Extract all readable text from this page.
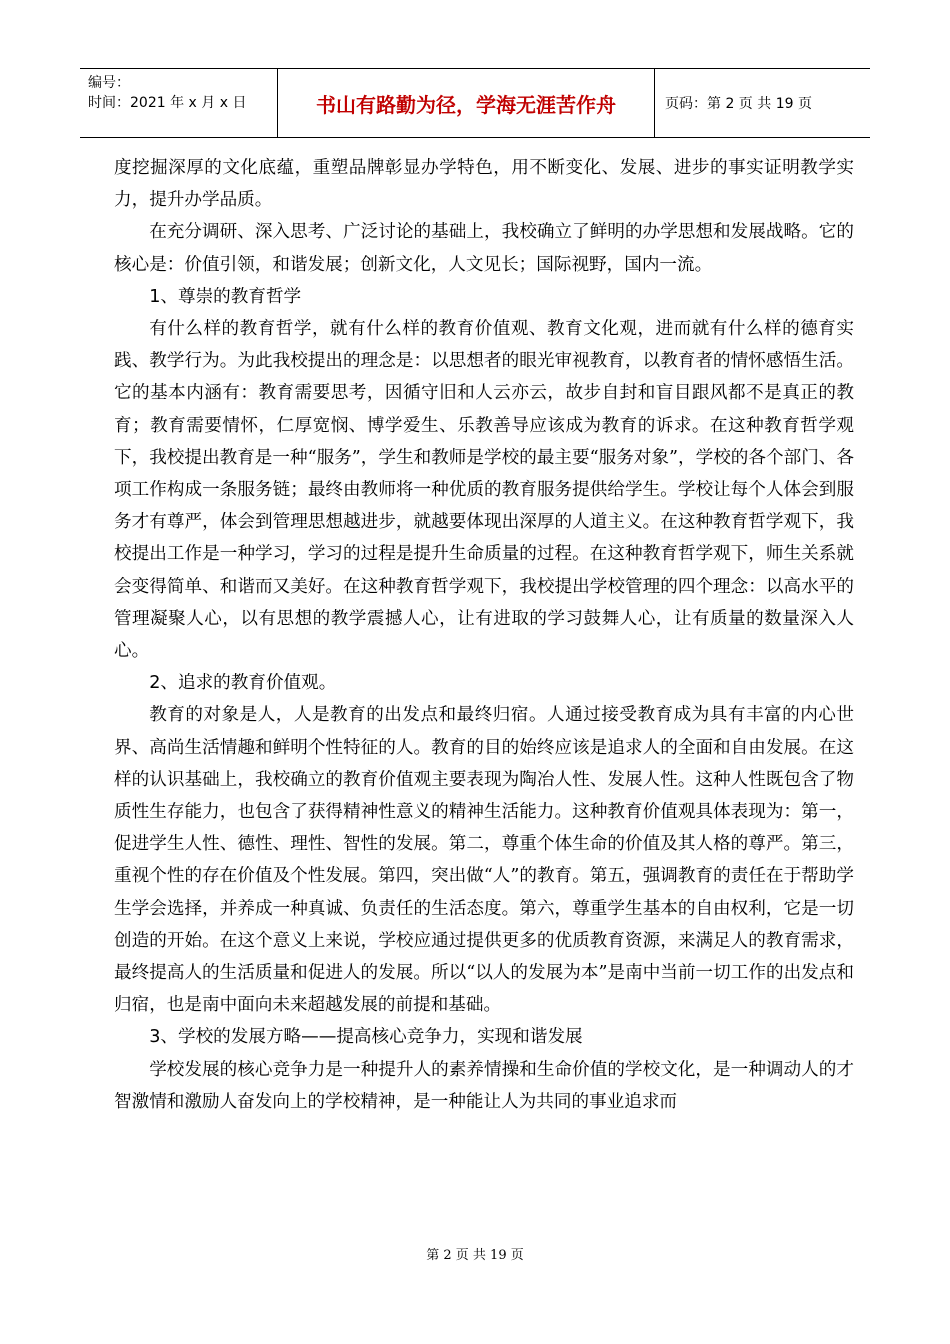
编号：
时间：2021 年 x 月 x 日	书山有路勤为径，学海无涯苦作舟	页码：第 2 页 共 19 页

度挖掘深厚的文化底蕴，重塑品牌彰显办学特色，用不断变化、发展、进步的事实证明教学实力，提升办学品质。

在充分调研、深入思考、广泛讨论的基础上，我校确立了鲜明的办学思想和发展战略。它的核心是：价值引领，和谐发展；创新文化，人文见长；国际视野，国内一流。

1、尊崇的教育哲学

有什么样的教育哲学，就有什么样的教育价值观、教育文化观，进而就有什么样的德育实践、教学行为。为此我校提出的理念是：以思想者的眼光审视教育，以教育者的情怀感悟生活。它的基本内涵有：教育需要思考，因循守旧和人云亦云，故步自封和盲目跟风都不是真正的教育；教育需要情怀，仁厚宽悯、博学爱生、乐教善导应该成为教育的诉求。在这种教育哲学观下，我校提出教育是一种“服务”，学生和教师是学校的最主要“服务对象”，学校的各个部门、各项工作构成一条服务链；最终由教师将一种优质的教育服务提供给学生。学校让每个人体会到服务才有尊严，体会到管理思想越进步，就越要体现出深厚的人道主义。在这种教育哲学观下，我校提出工作是一种学习，学习的过程是提升生命质量的过程。在这种教育哲学观下，师生关系就会变得简单、和谐而又美好。在这种教育哲学观下，我校提出学校管理的四个理念：以高水平的管理凝聚人心，以有思想的教学震撼人心，让有进取的学习鼓舞人心，让有质量的数量深入人心。

2、追求的教育价值观。

教育的对象是人，人是教育的出发点和最终归宿。人通过接受教育成为具有丰富的内心世界、高尚生活情趣和鲜明个性特征的人。教育的目的始终应该是追求人的全面和自由发展。在这样的认识基础上，我校确立的教育价值观主要表现为陶冶人性、发展人性。这种人性既包含了物质性生存能力，也包含了获得精神性意义的精神生活能力。这种教育价值观具体表现为：第一，促进学生人性、德性、理性、智性的发展。第二，尊重个体生命的价值及其人格的尊严。第三，重视个性的存在价值及个性发展。第四，突出做“人”的教育。第五，强调教育的责任在于帮助学生学会选择，并养成一种真诚、负责任的生活态度。第六，尊重学生基本的自由权利，它是一切创造的开始。在这个意义上来说，学校应通过提供更多的优质教育资源，来满足人的教育需求，最终提高人的生活质量和促进人的发展。所以“以人的发展为本”是南中当前一切工作的出发点和归宿，也是南中面向未来超越发展的前提和基础。

3、学校的发展方略——提高核心竞争力，实现和谐发展

学校发展的核心竞争力是一种提升人的素养情操和生命价值的学校文化，是一种调动人的才智激情和激励人奋发向上的学校精神，是一种能让人为共同的事业追求而

第 2 页 共 19 页
